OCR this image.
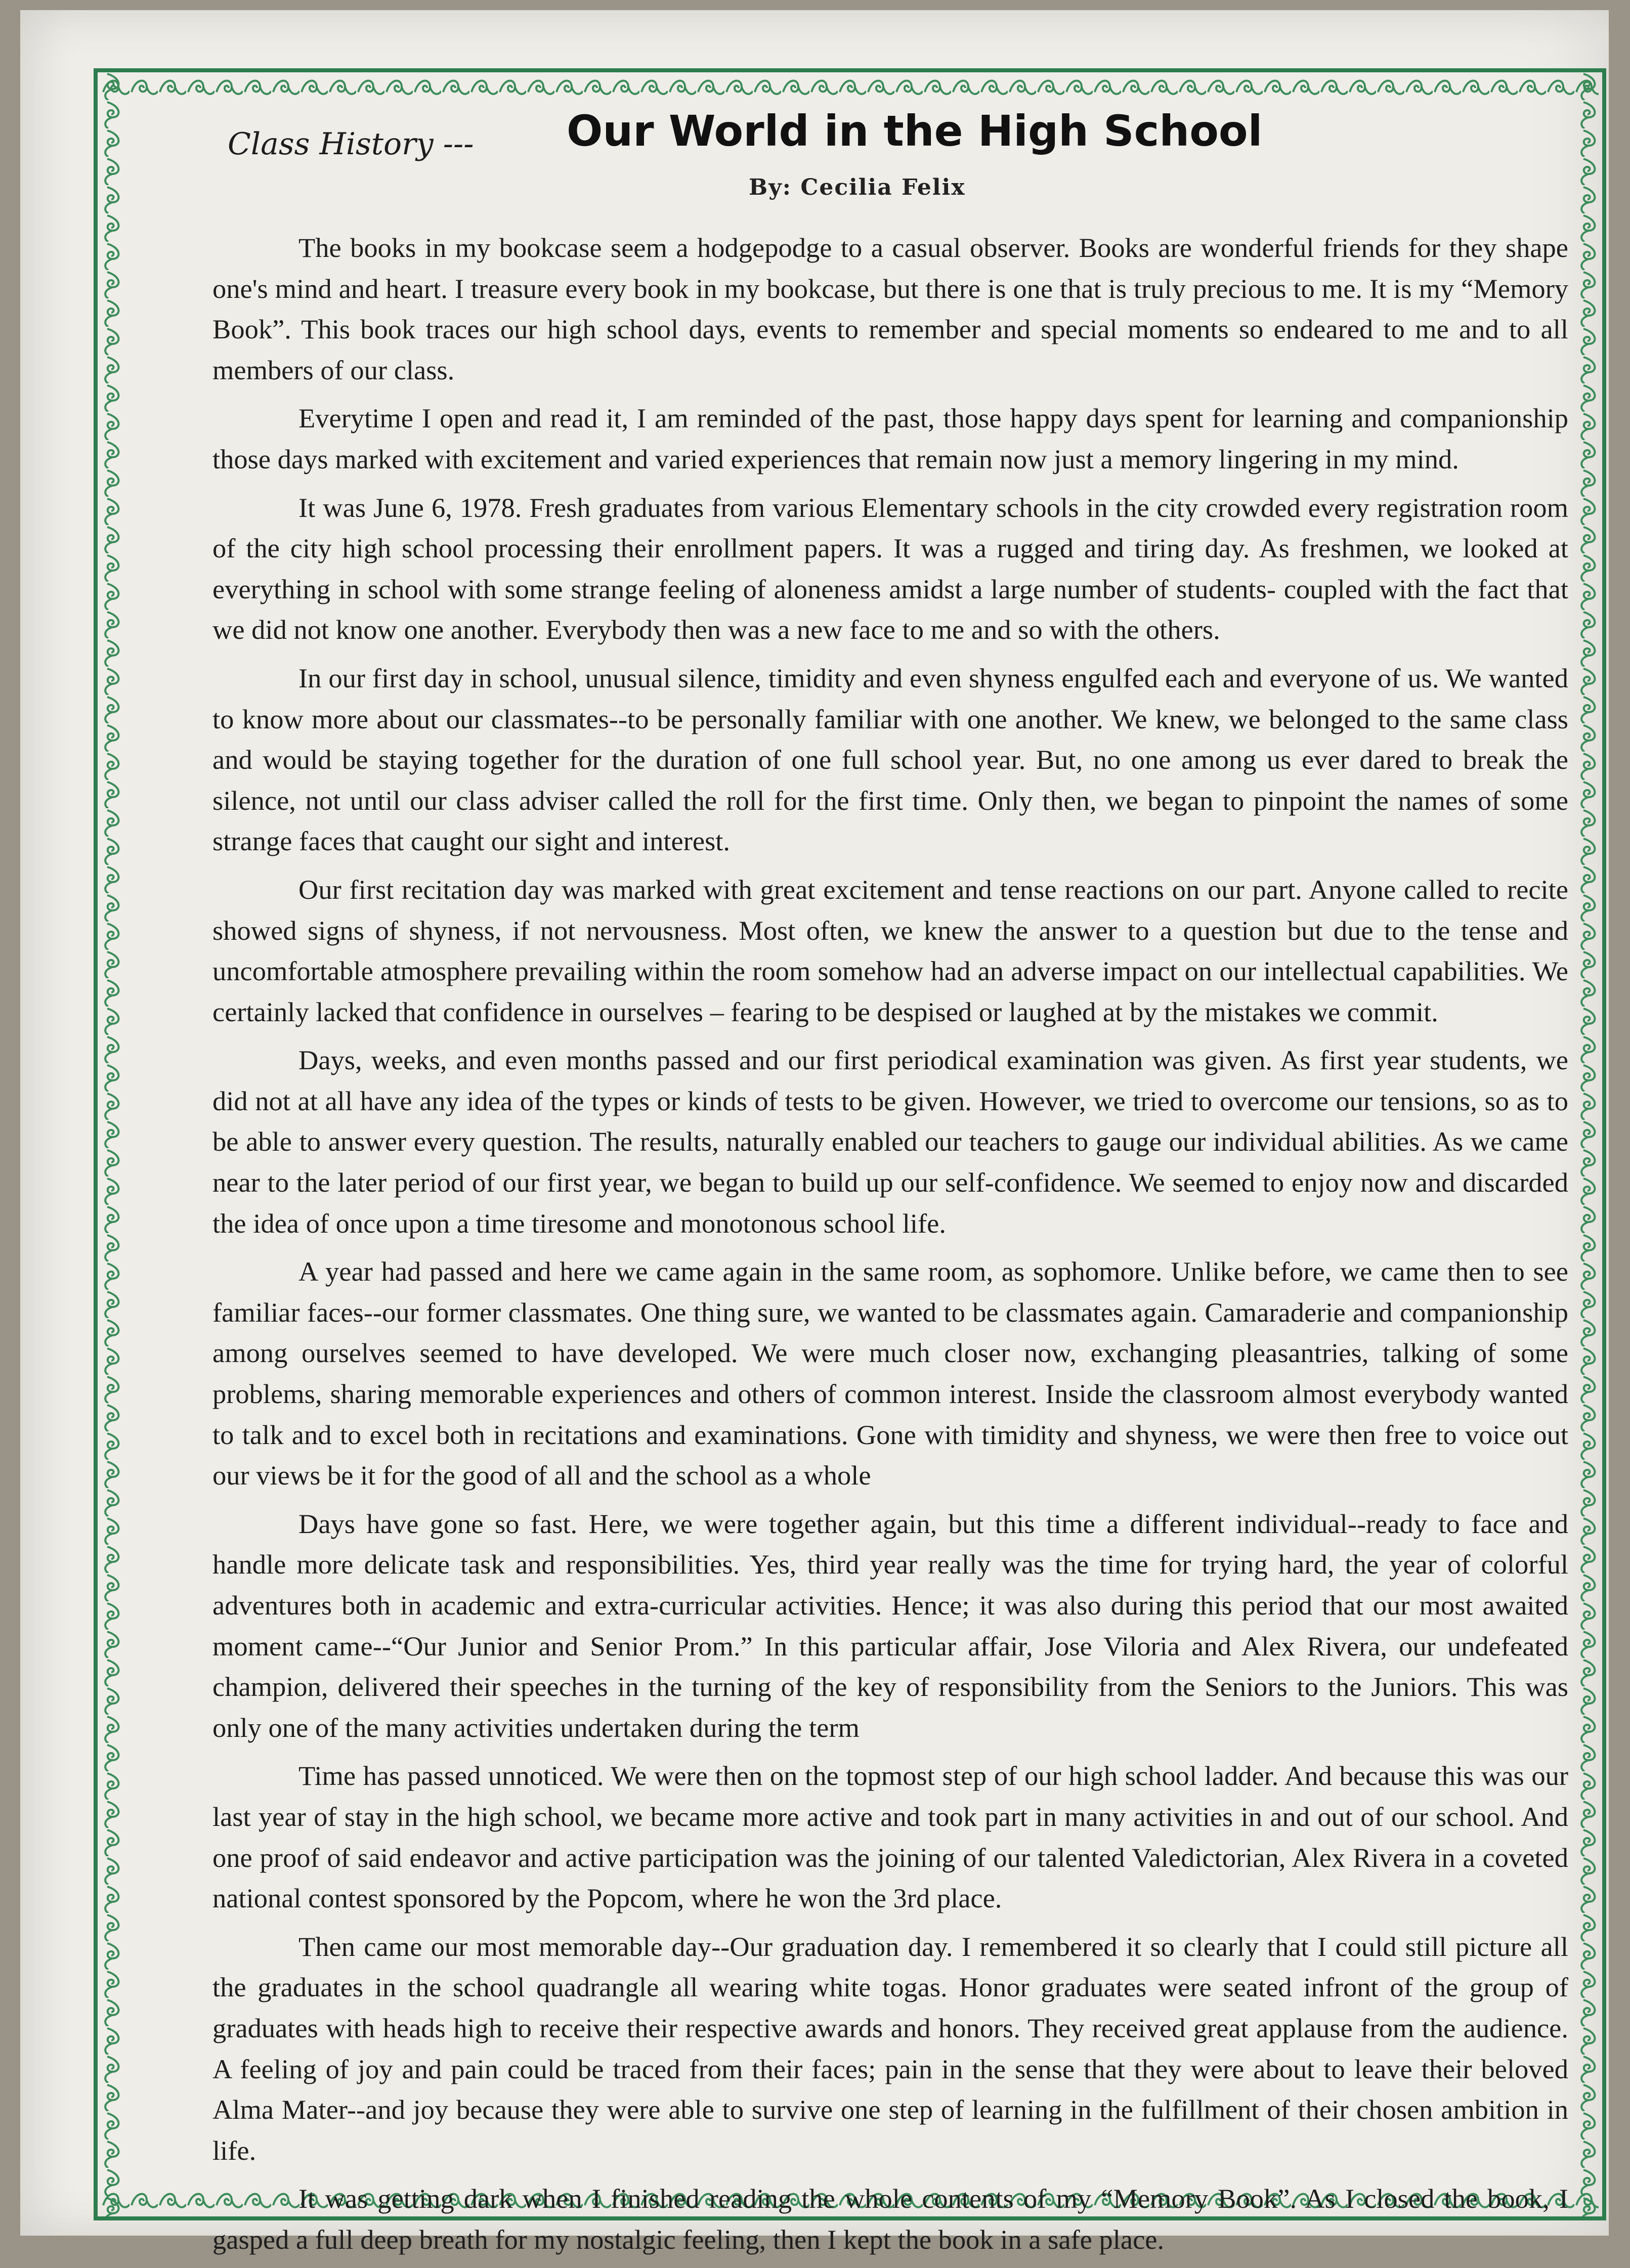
Class History --- Our World in the High School
By: Cecilia Felix

The books in my bookcase seem a hodgepodge to a casual observer. Books are wonderful friends for they shape one's mind and heart. I treasure every book in my bookcase, but there is one that is truly precious to me. It is my “Memory Book”. This book traces our high school days, events to remember and special moments so endeared to me and to all members of our class.

Everytime I open and read it, I am reminded of the past, those happy days spent for learning and companionship those days marked with excitement and varied experiences that remain now just a memory lingering in my mind.

It was June 6, 1978. Fresh graduates from various Elementary schools in the city crowded every registration room of the city high school processing their enrollment papers. It was a rugged and tiring day. As freshmen, we looked at everything in school with some strange feeling of aloneness amidst a large number of students- coupled with the fact that we did not know one another. Everybody then was a new face to me and so with the others.

In our first day in school, unusual silence, timidity and even shyness engulfed each and everyone of us. We wanted to know more about our classmates--to be personally familiar with one another. We knew, we belonged to the same class and would be staying together for the duration of one full school year. But, no one among us ever dared to break the silence, not until our class adviser called the roll for the first time. Only then, we began to pinpoint the names of some strange faces that caught our sight and interest.

Our first recitation day was marked with great excitement and tense reactions on our part. Anyone called to recite showed signs of shyness, if not nervousness. Most often, we knew the answer to a question but due to the tense and uncomfortable atmosphere prevailing within the room somehow had an adverse impact on our intellectual capabilities. We certainly lacked that confidence in ourselves – fearing to be despised or laughed at by the mistakes we commit.

Days, weeks, and even months passed and our first periodical examination was given. As first year students, we did not at all have any idea of the types or kinds of tests to be given. However, we tried to overcome our tensions, so as to be able to answer every question. The results, naturally enabled our teachers to gauge our individual abilities. As we came near to the later period of our first year, we began to build up our self-confidence. We seemed to enjoy now and discarded the idea of once upon a time tiresome and monotonous school life.

A year had passed and here we came again in the same room, as sophomore. Unlike before, we came then to see familiar faces--our former classmates. One thing sure, we wanted to be classmates again. Camaraderie and companionship among ourselves seemed to have developed. We were much closer now, exchanging pleasantries, talking of some problems, sharing memorable experiences and others of common interest. Inside the classroom almost everybody wanted to talk and to excel both in recitations and examinations. Gone with timidity and shyness, we were then free to voice out our views be it for the good of all and the school as a whole

Days have gone so fast. Here, we were together again, but this time a different individual--ready to face and handle more delicate task and responsibilities. Yes, third year really was the time for trying hard, the year of colorful adventures both in academic and extra-curricular activities. Hence; it was also during this period that our most awaited moment came--“Our Junior and Senior Prom.” In this particular affair, Jose Viloria and Alex Rivera, our undefeated champion, delivered their speeches in the turning of the key of responsibility from the Seniors to the Juniors. This was only one of the many activities undertaken during the term

Time has passed unnoticed. We were then on the topmost step of our high school ladder. And because this was our last year of stay in the high school, we became more active and took part in many activities in and out of our school. And one proof of said endeavor and active participation was the joining of our talented Valedictorian, Alex Rivera in a coveted national contest sponsored by the Popcom, where he won the 3rd place.

Then came our most memorable day--Our graduation day. I remembered it so clearly that I could still picture all the graduates in the school quadrangle all wearing white togas. Honor graduates were seated infront of the group of graduates with heads high to receive their respective awards and honors. They received great applause from the audience. A feeling of joy and pain could be traced from their faces; pain in the sense that they were about to leave their beloved Alma Mater--and joy because they were able to survive one step of learning in the fulfillment of their chosen ambition in life.

It was getting dark when I finished reading the whole contents of my “Memory Book”. As I closed the book, I gasped a full deep breath for my nostalgic feeling, then I kept the book in a safe place.
